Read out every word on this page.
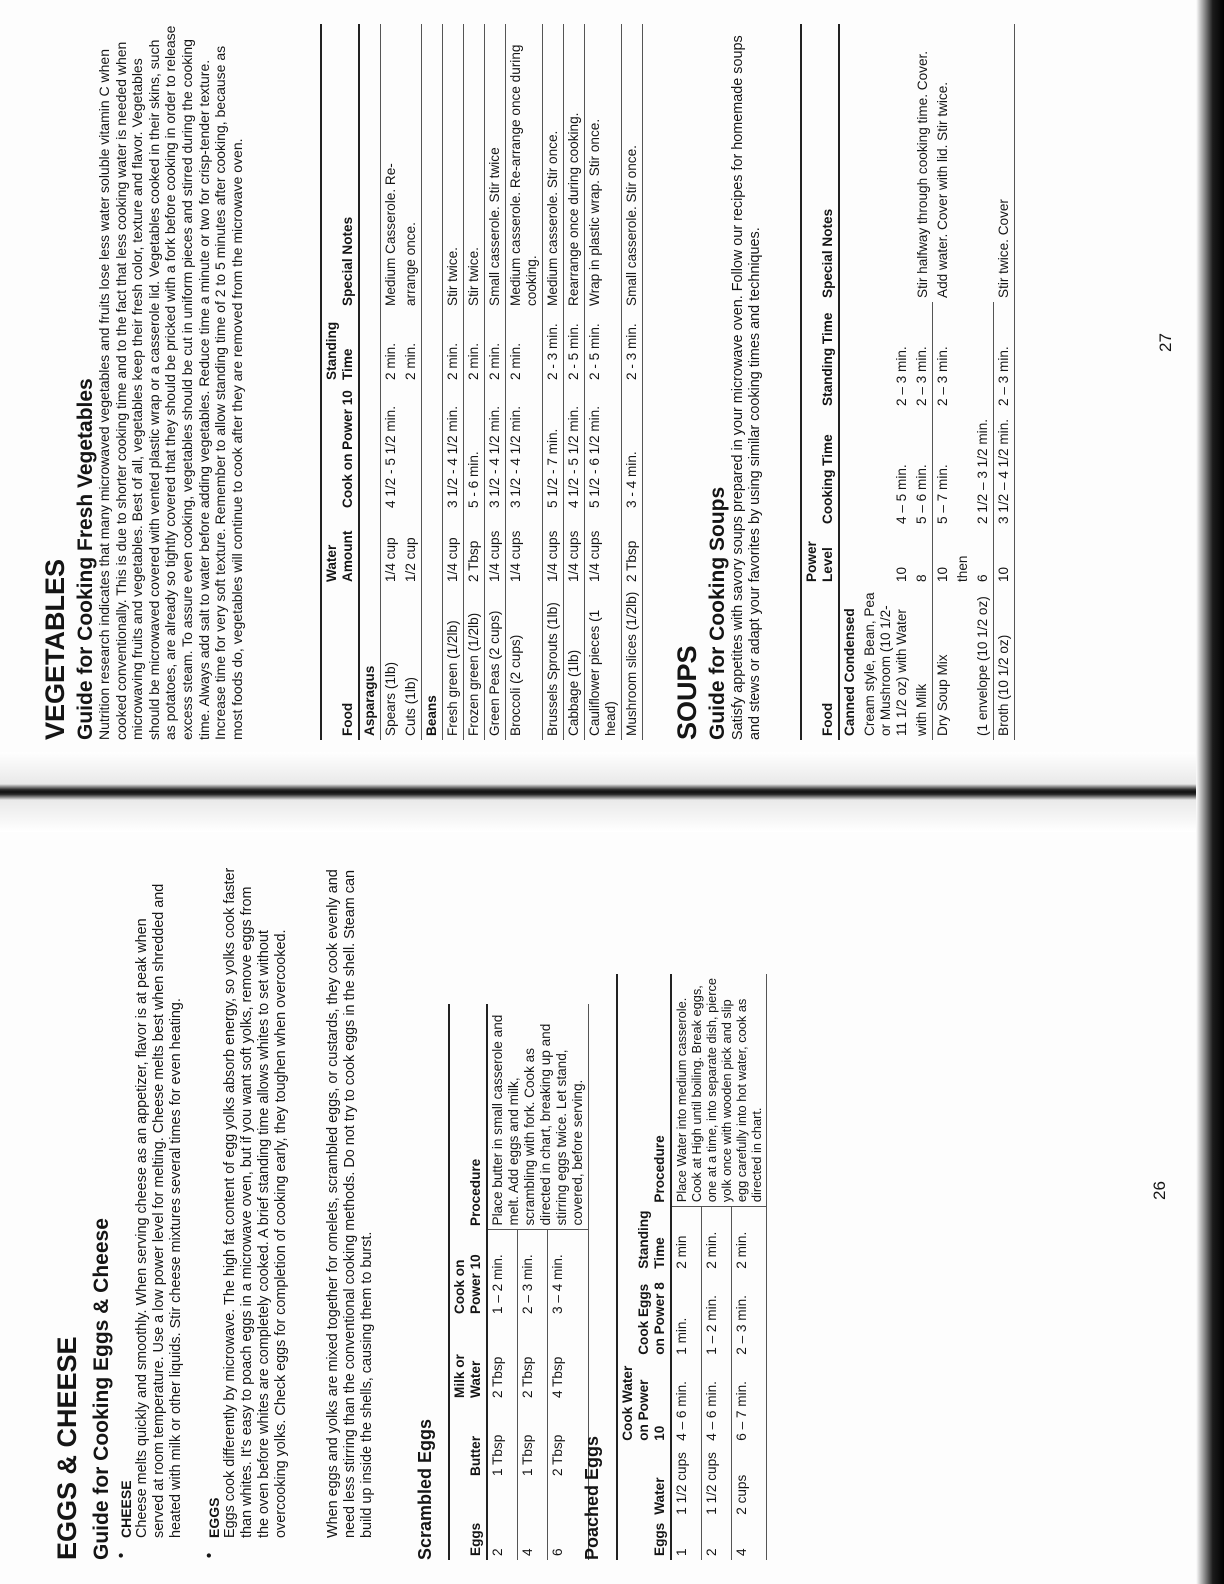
EGGS & CHEESE Guide for Cooking Eggs & Cheese •
CHEESE Cheese melts quickly and smoothly. When serving cheese as an appetizer, flavor is at peak when served at room temperature. Use a low power level for melting. Cheese melts best when shredded and heated with milk or other liquids. Stir cheese mixtures several times for even heating.

•
EGGS Eggs cook differently by microwave. The high fat content of egg yolks absorb energy, so yolks cook faster than whites. It's easy to poach eggs in a microwave oven, but if you want soft yolks, remove eggs from the oven before whites are completely cooked. A brief standing time allows whites to set without overcooking yolks. Check eggs for completion of cooking early, they toughen when overcooked.	When eggs and yolks are mixed together for omelets, scrambled eggs, or custards, they cook evenly and need less stirring than the conventional cooking methods. Do not try to cook eggs in the shell. Steam can build up inside the shells, causing them to burst. Scrambled Eggs Eggs	Butter	Milk or Water	Cook on Power 10	Procedure
2	1 Tbsp	2 Tbsp	1 – 2 min.	Place butter in small casserole and melt. Add eggs and milk, scrambling with fork. Cook as directed in chart, breaking up and stirring eggs twice. Let stand, covered, before serving.
4	1 Tbsp	2 Tbsp	2 – 3 min.	
6	2 Tbsp	4 Tbsp	3 – 4 min.	
Poached Eggs	Eggs	Water	Cook Water on Power 10	Cook Eggs on Power 8	Standing Time	Procedure
1	1 1/2 cups	4 – 6 min.	1 min.	2 min	Place Water into medium casserole. Cook at High until boiling. Break eggs, one at a time, into separate dish, pierce yolk once with wooden pick and slip egg carefully into hot water, cook as directed in chart.
2	1 1/2 cups	4 – 6 min.	1 – 2 min.	2 min.	
4	2 cups	6 – 7 min.	2 – 3 min.	2 min.	
26
VEGETABLES Guide for Cooking Fresh Vegetables Nutrition research indicates that many microwaved vegetables and fruits lose less water soluble vitamin C when cooked conventionally. This is due to shorter cooking time and to the fact that less cooking water is needed when microwaving fruits and vegetables. Best of all, vegetables keep their fresh color, texture and flavor. Vegetables should be microwaved covered with vented plastic wrap or a casserole lid. Vegetables cooked in their skins, such as potatoes, are already so tightly covered that they should be pricked with a fork before cooking in order to release excess steam. To assure even cooking, vegetables should be cut in uniform pieces and stirred during the cooking time. Always add salt to water before adding vegetables. Reduce time a minute or two for crisp-tender texture. Increase time for very soft texture. Remember to allow standing time of 2 to 5 minutes after cooking, because as most foods do, vegetables will continue to cook after they are removed from the microwave oven.	Food	Water Amount	Cook on Power 10	Standing Time	Special Notes
Asparagus				
Spears (1lb)	1/4 cup	4 1/2 - 5 1/2 min.	2 min.	Medium Casserole. Re-
Cuts (1lb)	1/2 cup		2 min.	arrange once.
Beans				
Fresh green (1/2lb)	1/4 cup	3 1/2 - 4 1/2 min.	2 min.	Stir twice.
Frozen green (1/2lb)	2 Tbsp	5 - 6 min.	2 min.	Stir twice.
Green Peas (2 cups)	1/4 cups	3 1/2 - 4 1/2 min.	2 min.	Small casserole. Stir twice
Broccoli (2 cups)	1/4 cups	3 1/2 - 4 1/2 min.	2 min.	Medium casserole. Re-arrange once during cooking.
Brussels Sprouts (1lb)	1/4 cups	5 1/2 - 7 min.	2 - 3 min.	Medium casserole. Stir once.
Cabbage (1lb)	1/4 cups	4 1/2 - 5 1/2 min.	2 - 5 min.	Rearrange once during cooking.
Cauliflower pieces (1 head)	1/4 cups	5 1/2 - 6 1/2 min.	2 - 5 min.	Wrap in plastic wrap. Stir once.
Mushroom slices (1/2lb)	2 Tbsp	3 - 4 min.	2 - 3 min.	Small casserole. Stir once.
SOUPS Guide for Cooking Soups Satisfy appetites with savory soups prepared in your microwave oven. Follow our recipes for homemade soups and stews or adapt your favorites by using similar cooking times and techniques.	Food	Power Level	Cooking Time	Standing Time	Special Notes
Canned Condensed				
Cream style, Bean, Pea or Mushroom (10 1/2- 11 1/2 oz) with Water	10	4 – 5 min.	2 – 3 min.	Stir halfway through cooking time. Cover.
with Milk	8	5 – 6 min.	2 – 3 min.	
Dry Soup Mix	10	5 – 7 min.	2 – 3 min.	Add water. Cover with lid. Stir twice.
	then			
(1 envelope (10 1/2 oz)	6	2 1/2 – 3 1/2 min.		
Broth (10 1/2 oz)	10	3 1/2 – 4 1/2 min.	2 – 3 min.	Stir twice. Cover
27
